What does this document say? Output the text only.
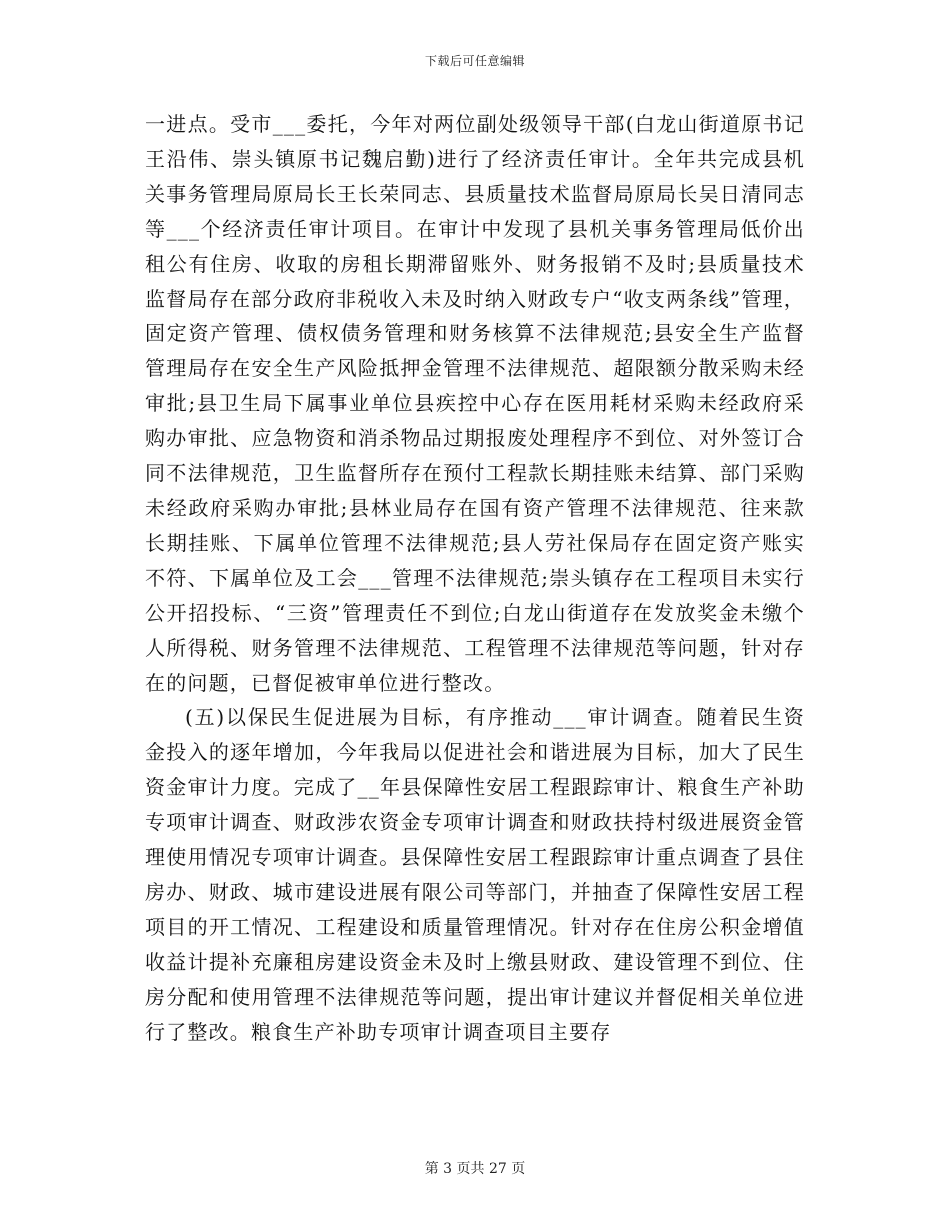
下载后可任意编辑

一进点。受市___委托，今年对两位副处级领导干部(白龙山街道原书记王沿伟、崇头镇原书记魏启勤)进行了经济责任审计。全年共完成县机关事务管理局原局长王长荣同志、县质量技术监督局原局长吴日清同志等___个经济责任审计项目。在审计中发现了县机关事务管理局低价出租公有住房、收取的房租长期滞留账外、财务报销不及时;县质量技术监督局存在部分政府非税收入未及时纳入财政专户“收支两条线”管理，固定资产管理、债权债务管理和财务核算不法律规范;县安全生产监督管理局存在安全生产风险抵押金管理不法律规范、超限额分散采购未经审批;县卫生局下属事业单位县疾控中心存在医用耗材采购未经政府采购办审批、应急物资和消杀物品过期报废处理程序不到位、对外签订合同不法律规范，卫生监督所存在预付工程款长期挂账未结算、部门采购未经政府采购办审批;县林业局存在国有资产管理不法律规范、往来款长期挂账、下属单位管理不法律规范;县人劳社保局存在固定资产账实不符、下属单位及工会___管理不法律规范;崇头镇存在工程项目未实行公开招投标、“三资”管理责任不到位;白龙山街道存在发放奖金未缴个人所得税、财务管理不法律规范、工程管理不法律规范等问题，针对存在的问题，已督促被审单位进行整改。

(五)以保民生促进展为目标，有序推动___审计调查。随着民生资金投入的逐年增加，今年我局以促进社会和谐进展为目标，加大了民生资金审计力度。完成了__年县保障性安居工程跟踪审计、粮食生产补助专项审计调查、财政涉农资金专项审计调查和财政扶持村级进展资金管理使用情况专项审计调查。县保障性安居工程跟踪审计重点调查了县住房办、财政、城市建设进展有限公司等部门，并抽查了保障性安居工程项目的开工情况、工程建设和质量管理情况。针对存在住房公积金增值收益计提补充廉租房建设资金未及时上缴县财政、建设管理不到位、住房分配和使用管理不法律规范等问题，提出审计建议并督促相关单位进行了整改。粮食生产补助专项审计调查项目主要存

第 3 页共 27 页
